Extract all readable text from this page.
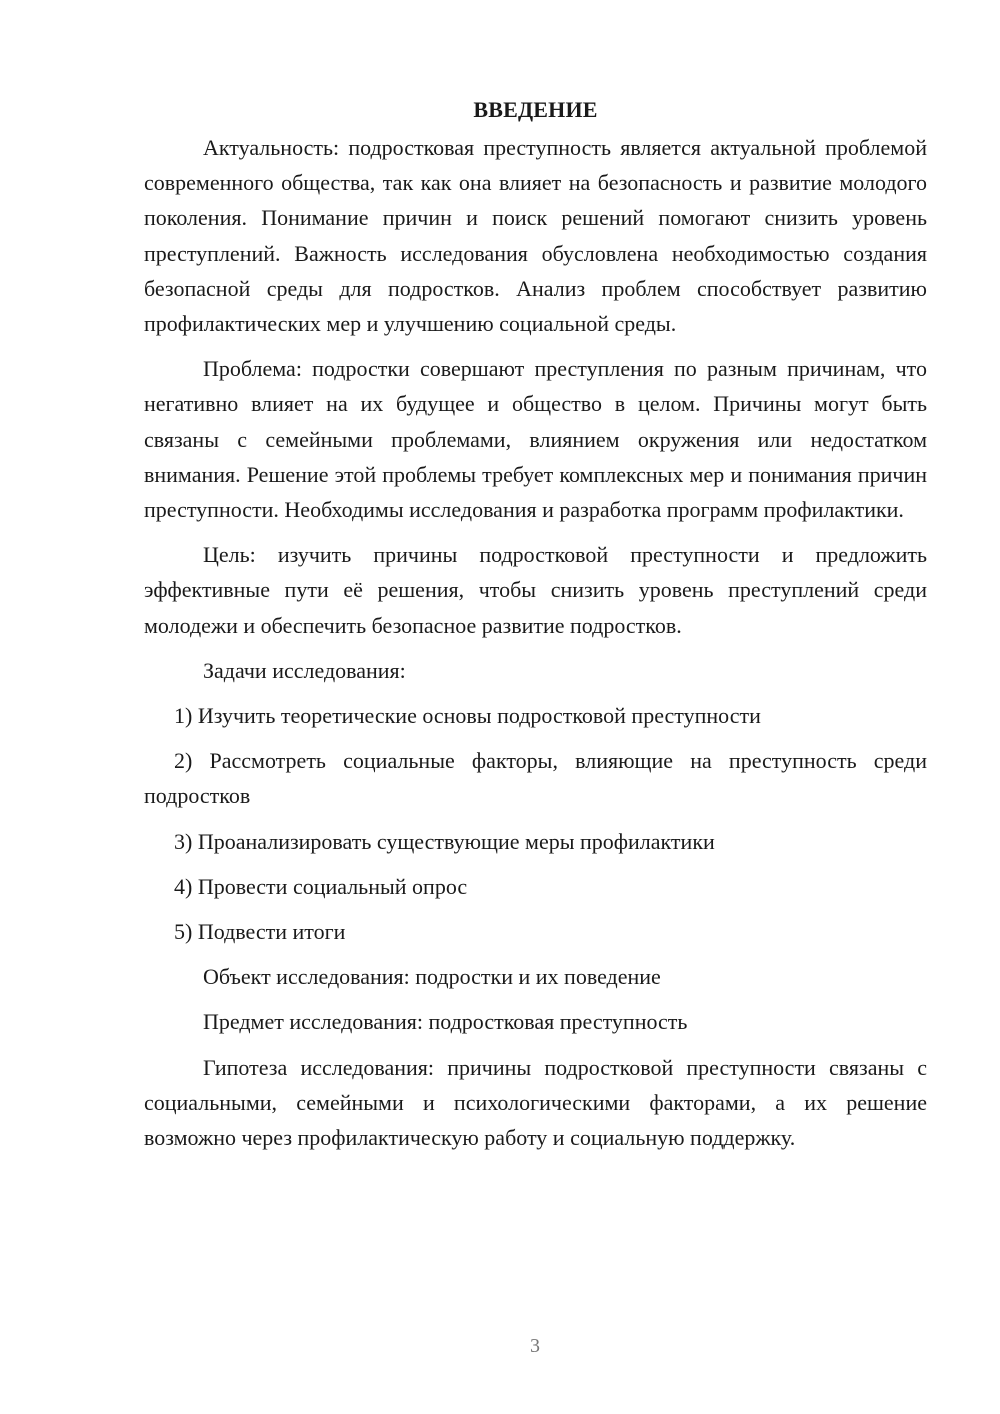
ВВЕДЕНИЕ

Актуальность: подростковая преступность является актуальной проблемой современного общества, так как она влияет на безопасность и развитие молодого поколения. Понимание причин и поиск решений помогают снизить уровень преступлений. Важность исследования обусловлена необходимостью создания безопасной среды для подростков. Анализ проблем способствует развитию профилактических мер и улучшению социальной среды.

Проблема: подростки совершают преступления по разным причинам, что негативно влияет на их будущее и общество в целом. Причины могут быть связаны с семейными проблемами, влиянием окружения или недостатком внимания. Решение этой проблемы требует комплексных мер и понимания причин преступности. Необходимы исследования и разработка программ профилактики.

Цель: изучить причины подростковой преступности и предложить эффективные пути её решения, чтобы снизить уровень преступлений среди молодежи и обеспечить безопасное развитие подростков.

Задачи исследования:

1) Изучить теоретические основы подростковой преступности

2) Рассмотреть социальные факторы, влияющие на преступность среди подростков

3) Проанализировать существующие меры профилактики

4) Провести социальный опрос

5) Подвести итоги

Объект исследования: подростки и их поведение

Предмет исследования: подростковая преступность

Гипотеза исследования: причины подростковой преступности связаны с социальными, семейными и психологическими факторами, а их решение возможно через профилактическую работу и социальную поддержку.

3
